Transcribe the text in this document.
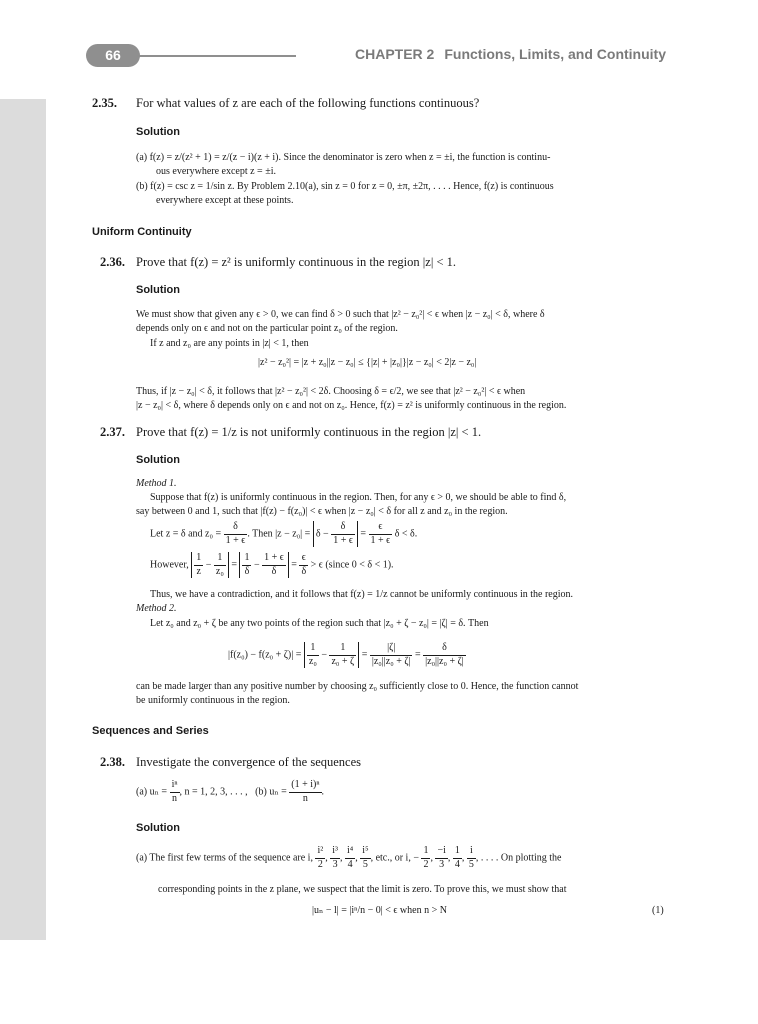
66	CHAPTER 2 Functions, Limits, and Continuity
2.35. For what values of z are each of the following functions continuous?
Solution
(a) f(z) = z/(z² + 1) = z/(z − i)(z + i). Since the denominator is zero when z = ±i, the function is continu-
ous everywhere except z = ±i.
(b) f(z) = csc z = 1/sin z. By Problem 2.10(a), sin z = 0 for z = 0, ±π, ±2π, . . . . Hence, f(z) is continuous
everywhere except at these points.
Uniform Continuity
2.36. Prove that f(z) = z² is uniformly continuous in the region |z| < 1.
Solution
We must show that given any ϵ > 0, we can find δ > 0 such that |z² − z₀²| < ϵ when |z − z₀| < δ, where δ
depends only on ϵ and not on the particular point z₀ of the region.
If z and z₀ are any points in |z| < 1, then
|z² − z₀²| = |z + z₀||z − z₀| ≤ {|z| + |z₀|}|z − z₀| < 2|z − z₀|
Thus, if |z − z₀| < δ, it follows that |z² − z₀²| < 2δ. Choosing δ = ϵ/2, we see that |z² − z₀²| < ϵ when
|z − z₀| < δ, where δ depends only on ϵ and not on z₀. Hence, f(z) = z² is uniformly continuous in the region.
2.37. Prove that f(z) = 1/z is not uniformly continuous in the region |z| < 1.
Solution
Method 1.
Suppose that f(z) is uniformly continuous in the region. Then, for any ϵ > 0, we should be able to find δ,
say between 0 and 1, such that |f(z) − f(z₀)| < ϵ when |z − z₀| < δ for all z and z₀ in the region.
Let z = δ and $z_0 = \frac{\delta}{1 + \epsilon}$ . Then $|z - z_0| = \delta - \frac{\delta}{1 + \epsilon} = \frac{\epsilon}{1 + \epsilon}$ δ < δ.
However, $\frac{1}{z} - \frac{1}{\text{z₀}} = \frac{1}{\delta} - \frac{1 + \epsilon}{\delta} = \frac{\epsilon}{\delta} > \epsilon$ (since 0 < δ < 1).
Thus, we have a contradiction, and it follows that f(z) = 1/z cannot be uniformly continuous in the region.
Method 2.
Let z₀ and z₀ + ζ be any two points of the region such that |z₀ + ζ − z₀| = |ζ| = δ. Then
$|f(z_0) - f(z_0 + \zeta)| = \frac{1}{\text{z₀}} - \frac{1}{\text{z₀ + ζ}} = \frac{|\zeta|}{\text{|z₀||z₀ + ζ|}} = \frac{\delta}{\text{|z₀||z₀ + ζ|}}$
can be made larger than any positive number by choosing z₀ sufficiently close to 0. Hence, the function cannot
be uniformly continuous in the region.
Sequences and Series
2.38. Investigate the convergence of the sequences
(a) $u_n = \frac{\text{iⁿ}}{n}$ , n = 1, 2, 3, . . . , (b) $u_n = \frac{\text{(1 + i)ⁿ}}{n}$ .
Solution
(a) The first few terms of the sequence are i, $\frac{\text{i²}}{2}$ , $\frac{\text{i³}}{3}$ , $\frac{\text{i⁴}}{4}$ , $\frac{\text{i⁵}}{5}$ , etc., or i, − $\frac{1}{2}$ , $\frac{-i}{3}$ , $\frac{1}{4}$ , $\frac{i}{5}$ , . . . . On plotting the
corresponding points in the z plane, we suspect that the limit is zero. To prove this, we must show that
|uₙ − l| = |iⁿ/n − 0| < ϵ when n > N	(1)
